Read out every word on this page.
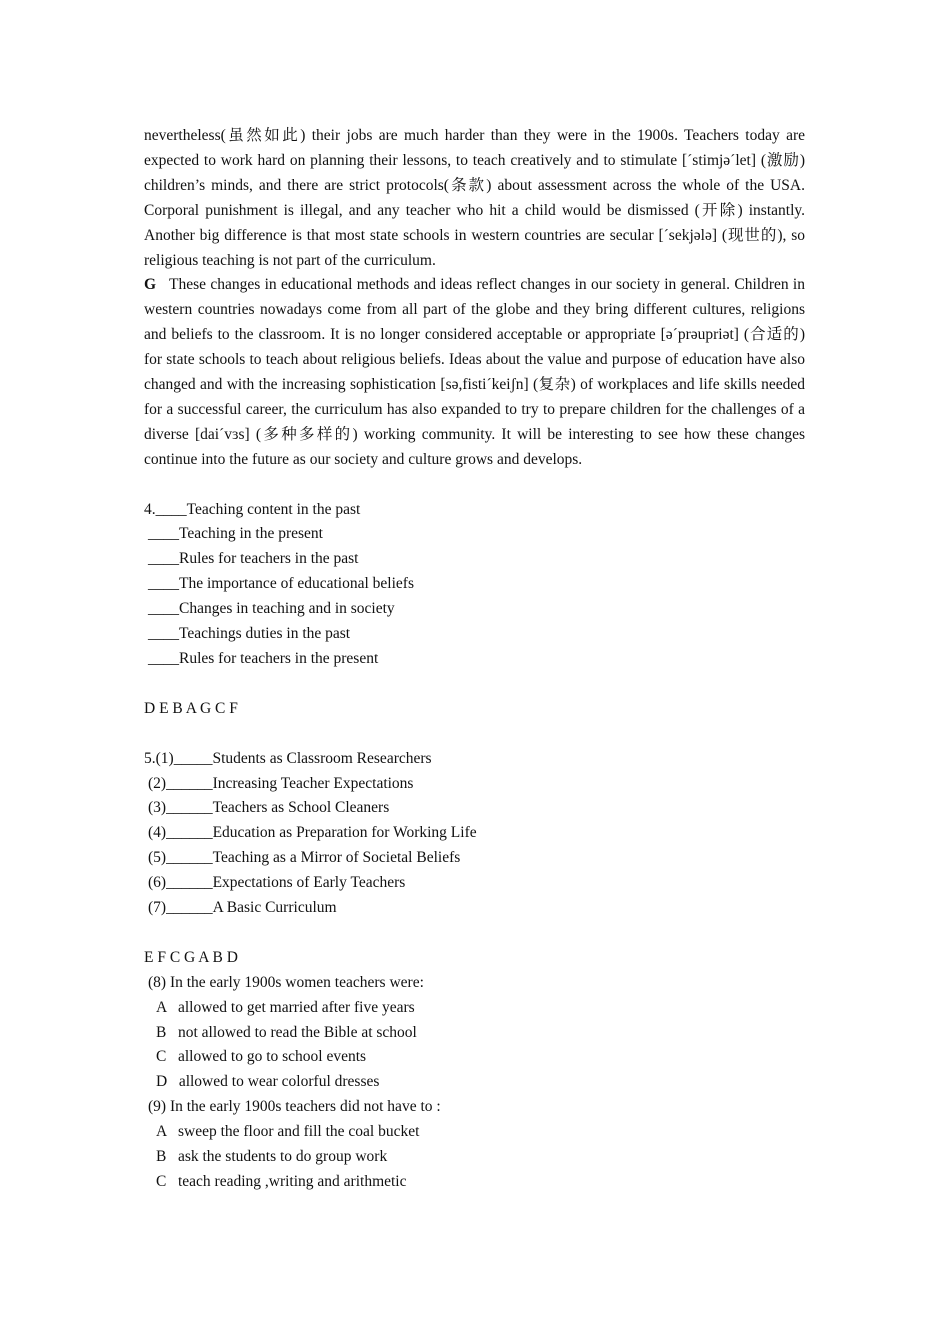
nevertheless(虽然如此) their jobs are much harder than they were in the 1900s. Teachers today are expected to work hard on planning their lessons, to teach creatively and to stimulate [´stimjə´let] (激励) children’s minds, and there are strict protocols(条款) about assessment across the whole of the USA. Corporal punishment is illegal, and any teacher who hit a child would be dismissed (开除) instantly. Another big difference is that most state schools in western countries are secular [´sekjələ] (现世的), so religious teaching is not part of the curriculum.

G These changes in educational methods and ideas reflect changes in our society in general. Children in western countries nowadays come from all part of the globe and they bring different cultures, religions and beliefs to the classroom. It is no longer considered acceptable or appropriate [ə´prəupriət] (合适的) for state schools to teach about religious beliefs. Ideas about the value and purpose of education have also changed and with the increasing sophistication [sə,fisti´keiʃn] (复杂) of workplaces and life skills needed for a successful career, the curriculum has also expanded to try to prepare children for the challenges of a diverse [dai´vɜs] (多种多样的) working community. It will be interesting to see how these changes continue into the future as our society and culture grows and develops.

4.____Teaching content in the past

____Teaching in the present

____Rules for teachers in the past

____The importance of educational beliefs

____Changes in teaching and in society

____Teachings duties in the past

____Rules for teachers in the present

D E B A G C F

5.(1)_____Students as Classroom Researchers

(2)______Increasing Teacher Expectations

(3)______Teachers as School Cleaners

(4)______Education as Preparation for Working Life

(5)______Teaching as a Mirror of Societal Beliefs

(6)______Expectations of Early Teachers

(7)______A Basic Curriculum

E F C G A B D

(8) In the early 1900s women teachers were:

A   allowed to get married after five years

B   not allowed to read the Bible at school

C   allowed to go to school events

D   allowed to wear colorful dresses

(9) In the early 1900s teachers did not have to :

A   sweep the floor and fill the coal bucket

B   ask the students to do group work

C   teach reading ,writing and arithmetic
